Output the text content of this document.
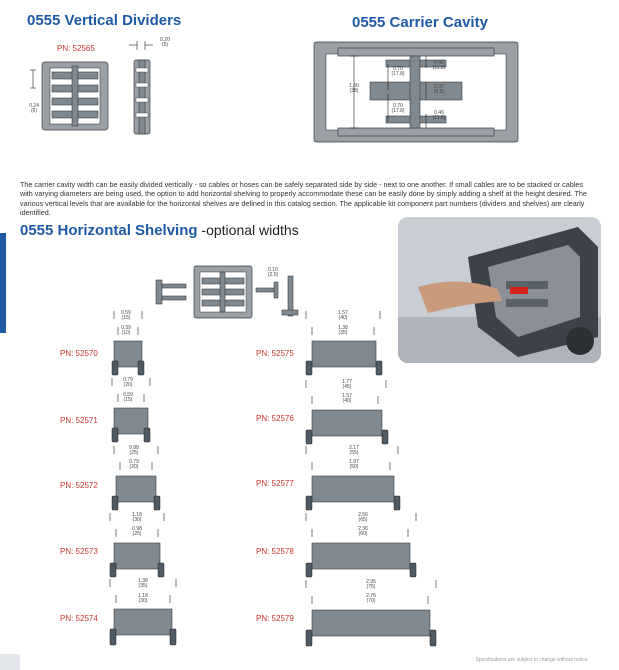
0555 Vertical Dividers	0555 Carrier Cavity
0555 Horizontal Shelving -optional widths
PN: 52565
0.24
(6)
0.20
(5)
1.50
(38)
0.70
(17.8)
0.70
(17.8)
0.46
(11.8)
0.37
(9.5)
0.46
(11.8)
The carrier cavity width can be easily divided vertically - so cables or hoses can be safely separated side by side - next to one another. If small cables are to be stacked or cables with varying diameters are being used, the option to add horizontal shelving to properly accommodate these can be easily done by simply adding a shelf at the height desired. The various vertical levels that are available for the horizontal shelves are defined in this catalog section. The applicable kit component part numbers (dividers and shelves) are clearly identified.
0.10
(2.5)
PN: 52570
0.59
(15)
0.39
(10)
PN: 52571
0.79
(20)
0.59
(15)
PN: 52572
0.98
(25)
0.79
(20)
PN: 52573
1.18
(30)
0.98
(25)
PN: 52574
1.38
(35)
1.18
(30)
PN: 52575
1.57
(40)
1.38
(35)
PN: 52576
1.77
(45)
1.57
(40)
PN: 52577
2.17
(55)
1.97
(50)
PN: 52578
2.56
(65)
2.36
(60)
PN: 52579
2.95
(75)
2.76
(70)
Specifications are subject to change without notice.
